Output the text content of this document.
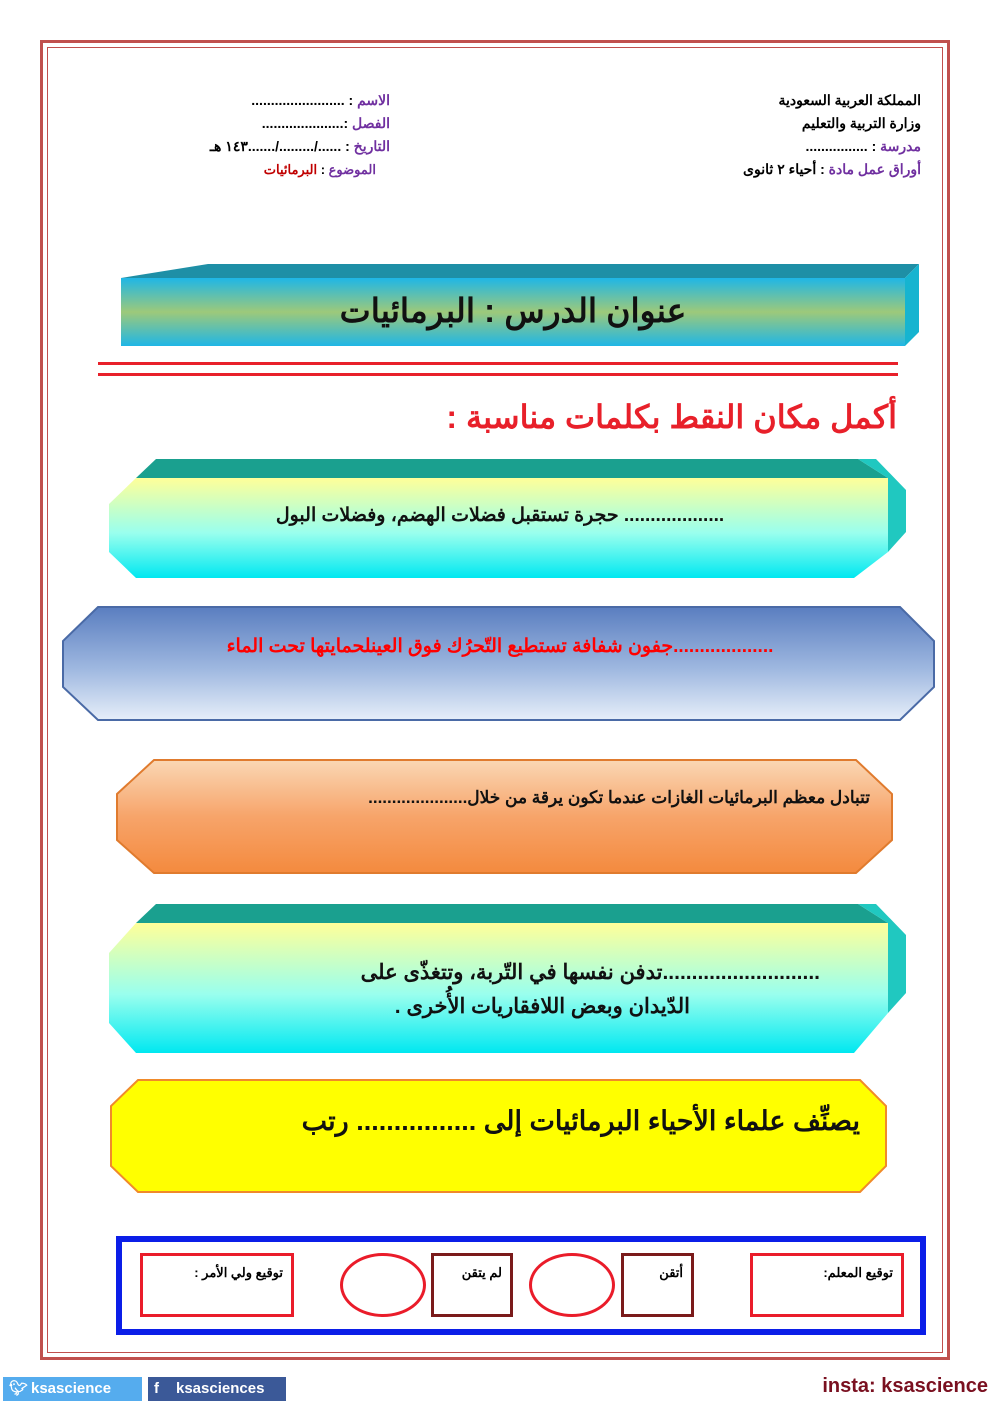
المملكة العربية السعودية
وزارة التربية والتعليم
مدرسة : ................
أوراق عمل مادة : أحياء ٢ ثانوى
الاسم : ........................
الفصل :.....................
التاريخ : ....../........./.......١٤٣ هـ
الموضوع : البرمائيات
عنوان الدرس : البرمائيات
أكمل مكان النقط بكلمات مناسبة :
................... حجرة تستقبل فضلات الهضم، وفضلات البول
...................جفون شفافة تستطيع التّحرُك فوق العينلحمايتها تحت الماء
تتبادل معظم البرمائيات الغازات عندما تكون يرقة من خلال.....................
...........................تدفن نفسها في التّربة، وتتغذّى على
الدّيدان وبعض اللافقاريات الأُخرى .
يصنِّف علماء الأحياء البرمائيات إلى ................ رتب
توقيع المعلم:
أتقن
لم يتقن
توقيع ولي الأمر :
🐦︎ ksascience	f ksasciences	insta: ksascience
